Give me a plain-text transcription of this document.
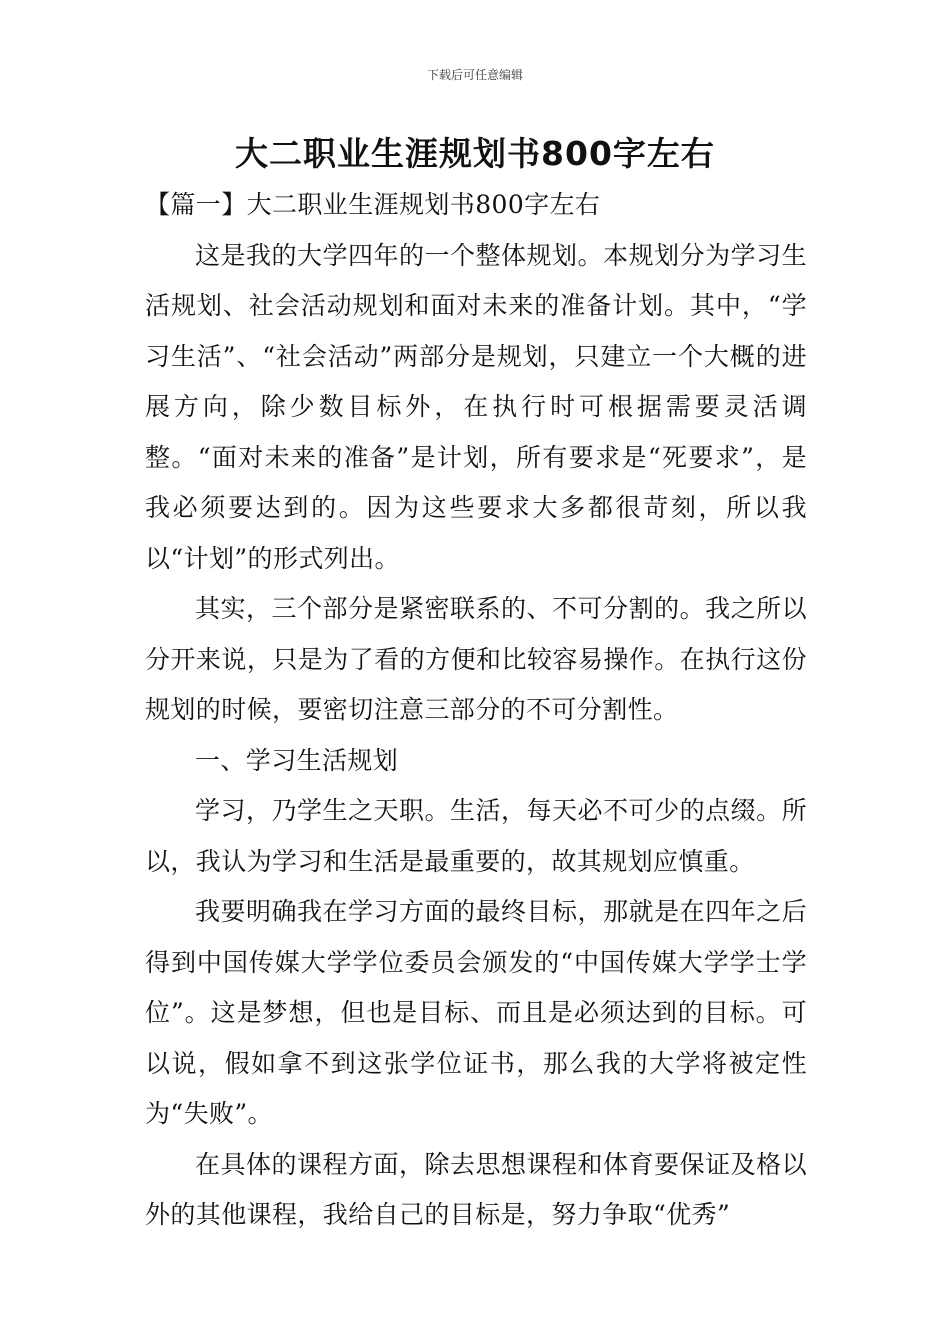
下载后可任意编辑
大二职业生涯规划书800字左右

【篇一】大二职业生涯规划书800字左右

这是我的大学四年的一个整体规划。本规划分为学习生活规划、社会活动规划和面对未来的准备计划。其中，“学习生活”、“社会活动”两部分是规划，只建立一个大概的进展方向，除少数目标外，在执行时可根据需要灵活调整。“面对未来的准备”是计划，所有要求是“死要求”，是我必须要达到的。因为这些要求大多都很苛刻，所以我以“计划”的形式列出。

其实，三个部分是紧密联系的、不可分割的。我之所以分开来说，只是为了看的方便和比较容易操作。在执行这份规划的时候，要密切注意三部分的不可分割性。

一、学习生活规划

学习，乃学生之天职。生活，每天必不可少的点缀。所以，我认为学习和生活是最重要的，故其规划应慎重。

我要明确我在学习方面的最终目标，那就是在四年之后得到中国传媒大学学位委员会颁发的“中国传媒大学学士学位”。这是梦想，但也是目标、而且是必须达到的目标。可以说，假如拿不到这张学位证书，那么我的大学将被定性为“失败”。

在具体的课程方面，除去思想课程和体育要保证及格以外的其他课程，我给自己的目标是，努力争取“优秀”
